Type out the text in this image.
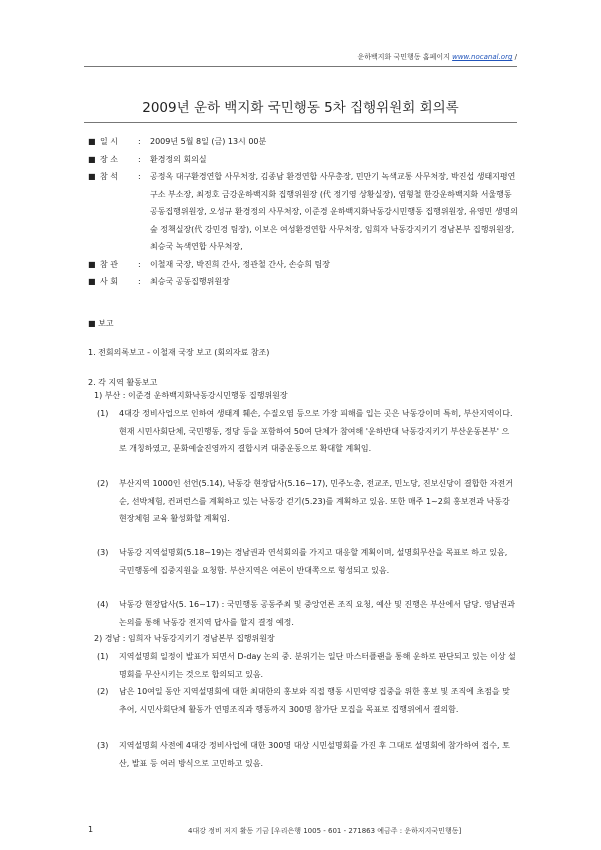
운하백지화 국민행동 홈페이지 www.nocanal.org /
2009년 운하 백지화 국민행동 5차 집행위원회 회의록
■ 일 시	:	2009년 5월 8일 (금) 13시 00분
■ 장 소	:	환경정의 회의실
■ 참 석	:	공정옥 대구환경연합 사무처장, 김종남 환경연합 사무총장, 민만기 녹색교통 사무처장, 박진섭 생태지평연구소 부소장, 최정호 금강운하백지화 집행위원장 (代 정기영 상황실장), 염형철 한강운하백지화 서울행동 공동집행위원장, 오성규 환경정의 사무처장, 이준경 운하백지화낙동강시민행동 집행위원장, 유영민 생명의숲 정책실장(代 강민경 팀장), 이보은 여성환경연합 사무처장, 임희자 낙동강지키기 경남본부 집행위원장, 최승국 녹색연합 사무처장,
■ 참 관	:	이철재 국장, 박진희 간사, 정관철 간사, 손승희 팀장
■ 사 회	:	최승국 공동집행위원장
■ 보고
1. 전회의록보고 - 이철재 국장 보고 (회의자료 참조)
2. 각 지역 활동보고
1) 부산 : 이준경 운하백지화낙동강시민행동 집행위원장
(1) 4대강 정비사업으로 인하여 생태계 훼손, 수질오염 등으로 가장 피해를 입는 곳은 낙동강이며 특히, 부산지역이다. 현재 시민사회단체, 국민행동, 정당 등을 포함하여 50여 단체가 참여해 '운하반대 낙동강지키기 부산운동본부' 으로 개칭하였고, 문화예술진영까지 결합시켜 대중운동으로 확대할 계획임.
(2) 부산지역 1000인 선언(5.14), 낙동강 현장답사(5.16~17), 민주노총, 전교조, 민노당, 진보신당이 결합한 자전거순, 선박체험, 컨퍼런스를 계획하고 있는 낙동강 걷기(5.23)를 계획하고 있음. 또한 매주 1~2회 홍보전과 낙동강 현장체험 교육 활성화할 계획임.
(3) 낙동강 지역설명회(5.18~19)는 경남권과 연석회의를 가지고 대응할 계획이며, 설명회무산을 목표로 하고 있음, 국민행동에 집중지원을 요청함. 부산지역은 여론이 반대쪽으로 형성되고 있음.
(4) 낙동강 현장답사(5. 16~17) : 국민행동 공동주최 및 중앙언론 조직 요청, 예산 및 진행은 부산에서 담당. 영남권과 논의를 통해 낙동강 전지역 답사를 할지 결정 예정.
2) 경남 : 임희자 낙동강지키기 경남본부 집행위원장
(1) 지역설명회 일정이 발표가 되면서 D-day 논의 중. 분위기는 일단 마스터플랜을 통해 운하로 판단되고 있는 이상 설명회를 무산시키는 것으로 합의되고 있음.
(2) 남은 10여일 동안 지역설명회에 대한 최대한의 홍보와 직접 행동 시민역량 집중을 위한 홍보 및 조직에 초점을 맞추어, 시민사회단체 활동가 연명조직과 행동까지 300명 참가단 모집을 목표로 집행위에서 결의함.
(3) 지역설명회 사전에 4대강 정비사업에 대한 300명 대상 시민설명회를 가진 후 그대로 설명회에 참가하여 접수, 토산, 발표 등 여러 방식으로 고민하고 있음.
1	4대강 정비 저지 활동 기금 [우리은행 1005 - 601 - 271863 예금주 : 운하저지국민행동]
